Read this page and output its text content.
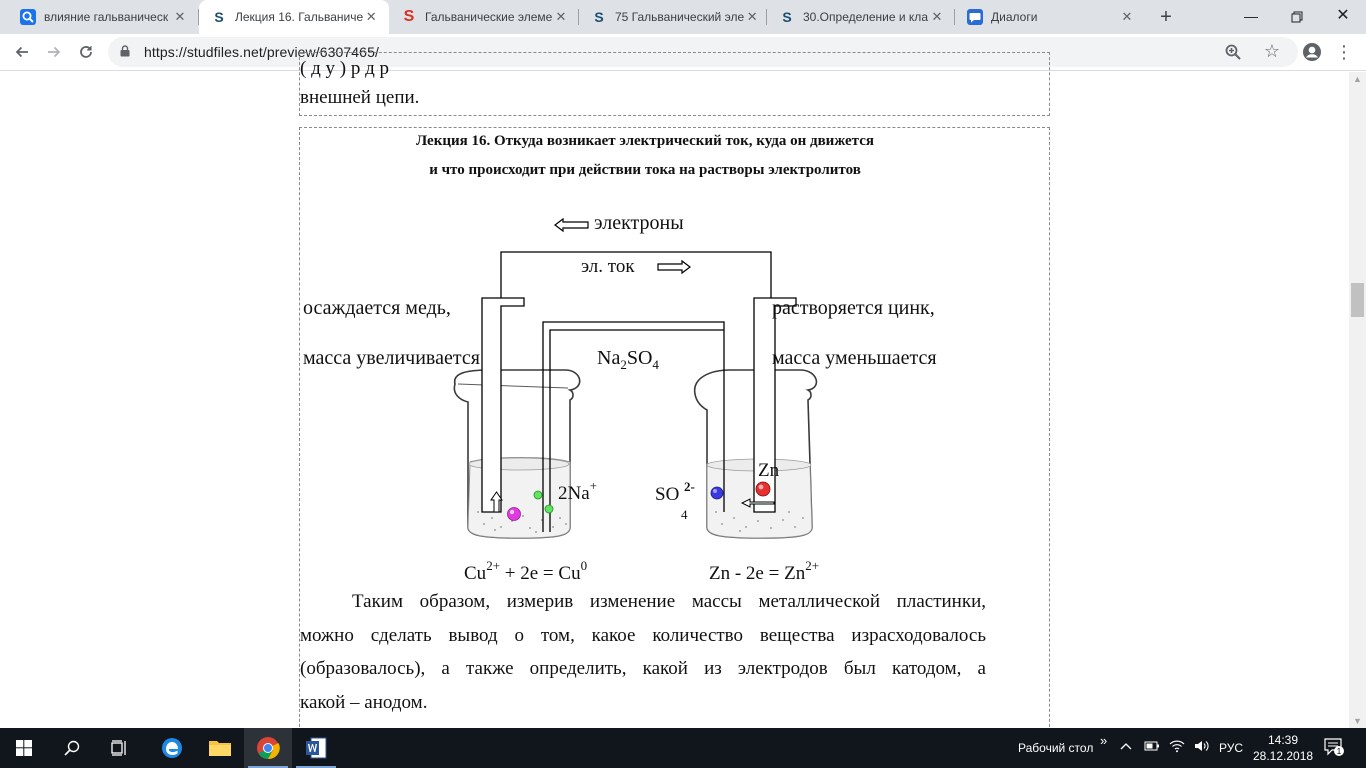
влияние гальваническ ✕ S Лекция 16. Гальваниче ✕ S Гальванические элеме ✕ S 75 Гальванический эле ✕ S 30.Определение и кла ✕	Диалоги	✕	+	—	✕
https://studfiles.net/preview/6307465/	☆	⋮
( д у ) р д р
внешней цепи.
Лекция 16. Откуда возникает электрический ток, куда он движется
и что происходит при действии тока на растворы электролитов
электроны
эл. ток
осаждается медь,
масса увеличивается
растворяется цинк,
масса уменьшается
$Na_2SO_4$
2Na+	SO $^{2-}$
4
Zn
$Cu^{2+} + 2e = Cu^0$	$Zn - 2e = Zn^{2+}$
Таким образом, измерив изменение массы металлической пластинки,
можно сделать вывод о том, какое количество вещества израсходовалось
(образовалось), а также определить, какой из электродов был катодом, а
какой – анодом.
▲
▼
Рабочий стол »	РУС
14:39
28.12.2018	1
